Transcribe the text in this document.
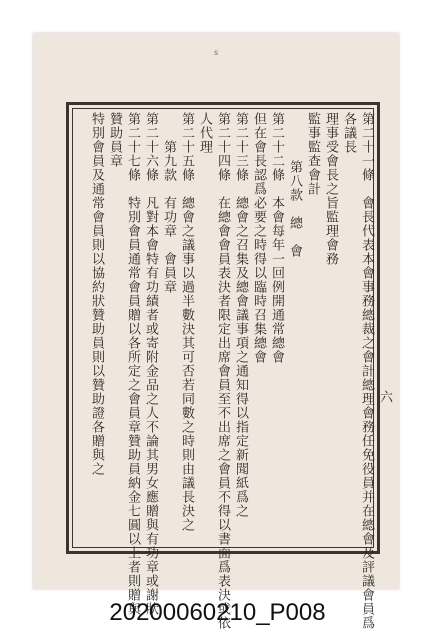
s
第二十一條　會長代表本會事務總裁之會計總理會務任免役員并在總會及評議會員爲
各議長
理事受會長之旨監理會務
監事監查會計
第八款　總　會
第二十二條　本會每年一回例開通常總會
但在會長認爲必要之時得以臨時召集總會
第二十三條　總會之召集及總會議事項之通知得以指定新聞紙爲之
第二十四條　在總會會員表決者限定出席會員至不出席之會員不得以書面爲表決或依
人代理
第二十五條　總會之議事以過半數決其可否若同數之時則由議長決之
第九款　有功章　會員章
第二十六條　凡對本會特有功績者或寄附金品之人不論其男女應贈與有功章或謝狀
第二十七條　特別會員通常會員贈以各所定之會員章贊助員納金七圓以上者則贈與
贊助員章
特別會員及通常會員則以協約狀贊助員則以贊助證各贈與之	六
20200060210_P008
